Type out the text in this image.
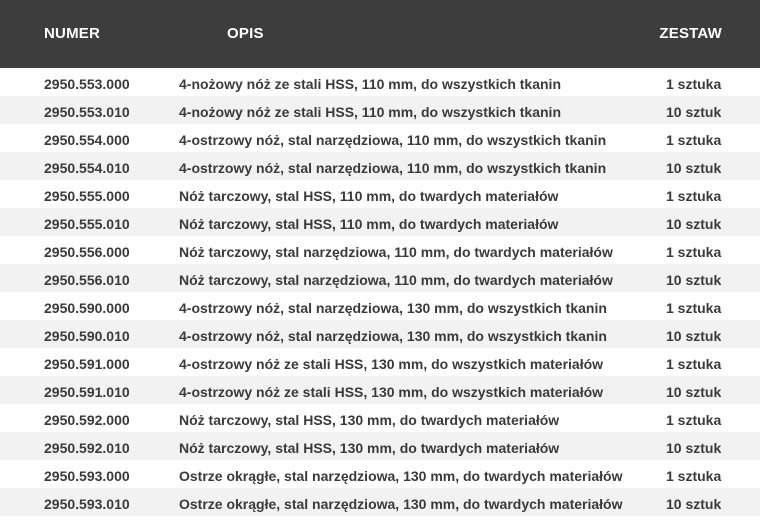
NUMER	OPIS	ZESTAW
2950.553.000	4-nożowy nóż ze stali HSS, 110 mm, do wszystkich tkanin	1 sztuka
2950.553.010	4-nożowy nóż ze stali HSS, 110 mm, do wszystkich tkanin	10 sztuk
2950.554.000	4-ostrzowy nóż, stal narzędziowa, 110 mm, do wszystkich tkanin	1 sztuka
2950.554.010	4-ostrzowy nóż, stal narzędziowa, 110 mm, do wszystkich tkanin	10 sztuk
2950.555.000	Nóż tarczowy, stal HSS, 110 mm, do twardych materiałów	1 sztuka
2950.555.010	Nóż tarczowy, stal HSS, 110 mm, do twardych materiałów	10 sztuk
2950.556.000	Nóż tarczowy, stal narzędziowa, 110 mm, do twardych materiałów	1 sztuka
2950.556.010	Nóż tarczowy, stal narzędziowa, 110 mm, do twardych materiałów	10 sztuk
2950.590.000	4-ostrzowy nóż, stal narzędziowa, 130 mm, do wszystkich tkanin	1 sztuka
2950.590.010	4-ostrzowy nóż, stal narzędziowa, 130 mm, do wszystkich tkanin	10 sztuk
2950.591.000	4-ostrzowy nóż ze stali HSS, 130 mm, do wszystkich materiałów	1 sztuka
2950.591.010	4-ostrzowy nóż ze stali HSS, 130 mm, do wszystkich materiałów	10 sztuk
2950.592.000	Nóż tarczowy, stal HSS, 130 mm, do twardych materiałów	1 sztuka
2950.592.010	Nóż tarczowy, stal HSS, 130 mm, do twardych materiałów	10 sztuk
2950.593.000	Ostrze okrągłe, stal narzędziowa, 130 mm, do twardych materiałów	1 sztuka
2950.593.010	Ostrze okrągłe, stal narzędziowa, 130 mm, do twardych materiałów	10 sztuk
